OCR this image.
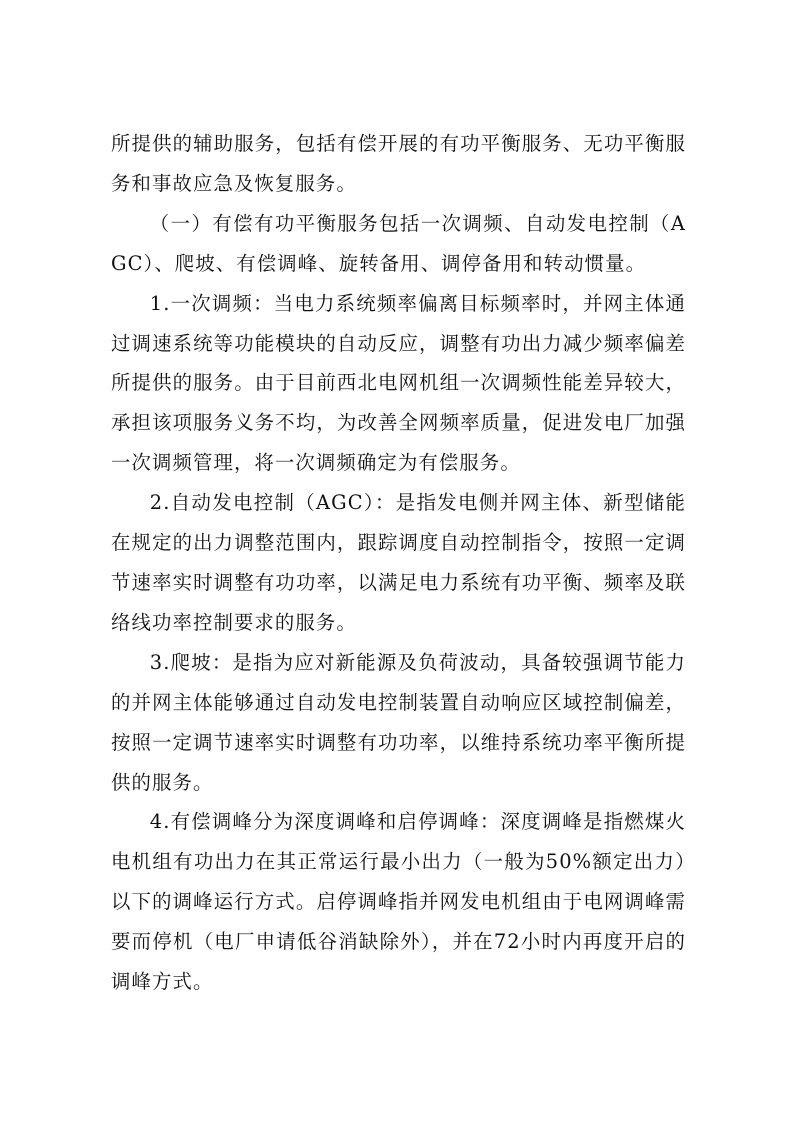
所提供的辅助服务，包括有偿开展的有功平衡服务、无功平衡服务和事故应急及恢复服务。

（一）有偿有功平衡服务包括一次调频、自动发电控制（AGC）、爬坡、有偿调峰、旋转备用、调停备用和转动惯量。

1.一次调频：当电力系统频率偏离目标频率时，并网主体通过调速系统等功能模块的自动反应，调整有功出力减少频率偏差所提供的服务。由于目前西北电网机组一次调频性能差异较大，承担该项服务义务不均，为改善全网频率质量，促进发电厂加强一次调频管理，将一次调频确定为有偿服务。

2.自动发电控制（AGC）：是指发电侧并网主体、新型储能在规定的出力调整范围内，跟踪调度自动控制指令，按照一定调节速率实时调整有功功率，以满足电力系统有功平衡、频率及联络线功率控制要求的服务。

3.爬坡：是指为应对新能源及负荷波动，具备较强调节能力的并网主体能够通过自动发电控制装置自动响应区域控制偏差，按照一定调节速率实时调整有功功率，以维持系统功率平衡所提供的服务。

4.有偿调峰分为深度调峰和启停调峰：深度调峰是指燃煤火电机组有功出力在其正常运行最小出力（一般为50%额定出力）以下的调峰运行方式。启停调峰指并网发电机组由于电网调峰需要而停机（电厂申请低谷消缺除外），并在72小时内再度开启的调峰方式。
